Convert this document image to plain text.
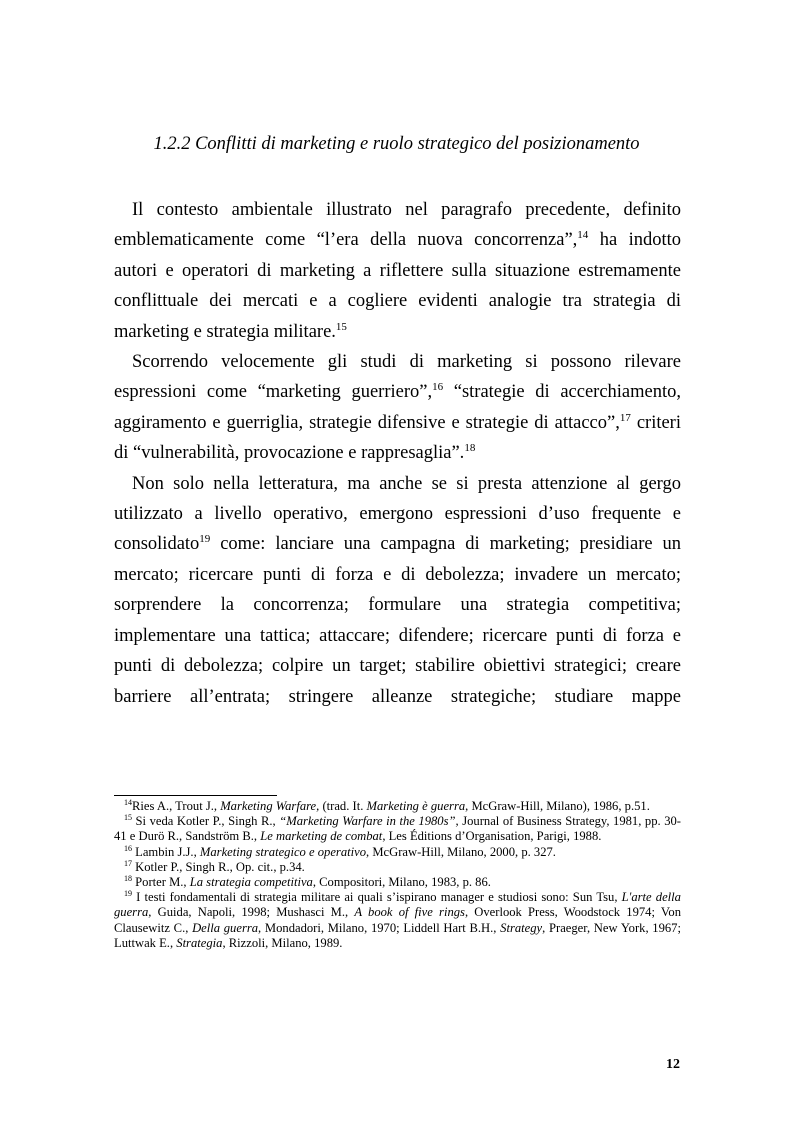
1.2.2 Conflitti di marketing e ruolo strategico del posizionamento

Il contesto ambientale illustrato nel paragrafo precedente, definito emblematicamente come “l’era della nuova concorrenza”,$^{14}$ ha indotto autori e operatori di marketing a riflettere sulla situazione estremamente conflittuale dei mercati e a cogliere evidenti analogie tra strategia di marketing e strategia militare.$^{15}$

Scorrendo velocemente gli studi di marketing si possono rilevare espressioni come “marketing guerriero”,$^{16}$ “strategie di accerchiamento, aggiramento e guerriglia, strategie difensive e strategie di attacco”,$^{17}$ criteri di “vulnerabilità, provocazione e rappresaglia”.$^{18}$

Non solo nella letteratura, ma anche se si presta attenzione al gergo utilizzato a livello operativo, emergono espressioni d’uso frequente e consolidato$^{19}$ come: lanciare una campagna di marketing; presidiare un mercato; ricercare punti di forza e di debolezza; invadere un mercato; sorprendere la concorrenza; formulare una strategia competitiva; implementare una tattica; attaccare; difendere; ricercare punti di forza e punti di debolezza; colpire un target; stabilire obiettivi strategici; creare barriere all’entrata; stringere alleanze strategiche; studiare mappe

$^{14}$Ries A., Trout J., Marketing Warfare, (trad. It. Marketing è guerra, McGraw-Hill, Milano), 1986, p.51.

$^{15}$ Si veda Kotler P., Singh R., “Marketing Warfare in the 1980s”, Journal of Business Strategy, 1981, pp. 30-41 e Durö R., Sandström B., Le marketing de combat, Les Éditions d’Organisation, Parigi, 1988.

$^{16}$ Lambin J.J., Marketing strategico e operativo, McGraw-Hill, Milano, 2000, p. 327.

$^{17}$ Kotler P., Singh R., Op. cit., p.34.

$^{18}$ Porter M., La strategia competitiva, Compositori, Milano, 1983, p. 86.

$^{19}$ I testi fondamentali di strategia militare ai quali s’ispirano manager e studiosi sono: Sun Tsu, L'arte della guerra, Guida, Napoli, 1998; Mushasci M., A book of five rings, Overlook Press, Woodstock 1974; Von Clausewitz C., Della guerra, Mondadori, Milano, 1970; Liddell Hart B.H., Strategy, Praeger, New York, 1967; Luttwak E., Strategia, Rizzoli, Milano, 1989.

12
